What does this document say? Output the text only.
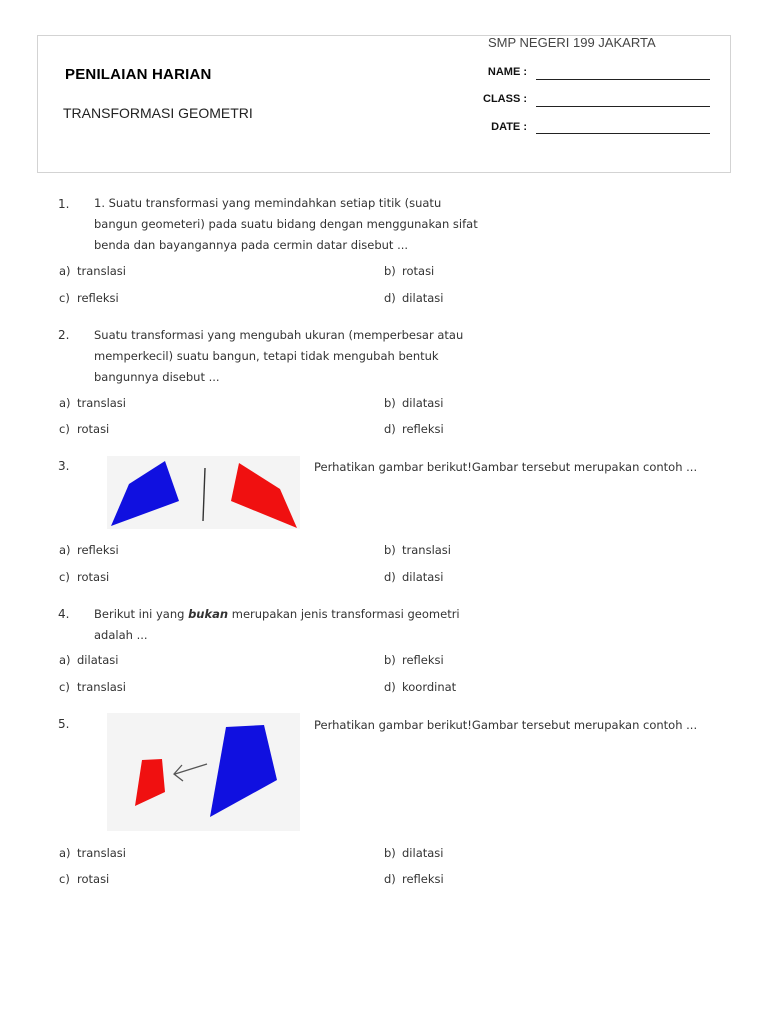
SMP NEGERI 199 JAKARTA
PENILAIAN HARIAN
TRANSFORMASI GEOMETRI
NAME :
CLASS :
DATE :
1. 1. Suatu transformasi yang memindahkan setiap titik (suatu
bangun geometeri) pada suatu bidang dengan menggunakan sifat
benda dan bayangannya pada cermin datar disebut ...
a) translasi	b) rotasi
c) refleksi	d) dilatasi
2. Suatu transformasi yang mengubah ukuran (memperbesar atau
memperkecil) suatu bangun, tetapi tidak mengubah bentuk
bangunnya disebut ...
a) translasi	b) dilatasi
c) rotasi	d) refleksi
3.	Perhatikan gambar berikut!Gambar tersebut merupakan contoh ...
a) refleksi	b) translasi
c) rotasi	d) dilatasi
4. Berikut ini yang bukan merupakan jenis transformasi geometri
adalah ...
a) dilatasi	b) refleksi
c) translasi	d) koordinat
5.	Perhatikan gambar berikut!Gambar tersebut merupakan contoh ...
a) translasi	b) dilatasi
c) rotasi	d) refleksi
